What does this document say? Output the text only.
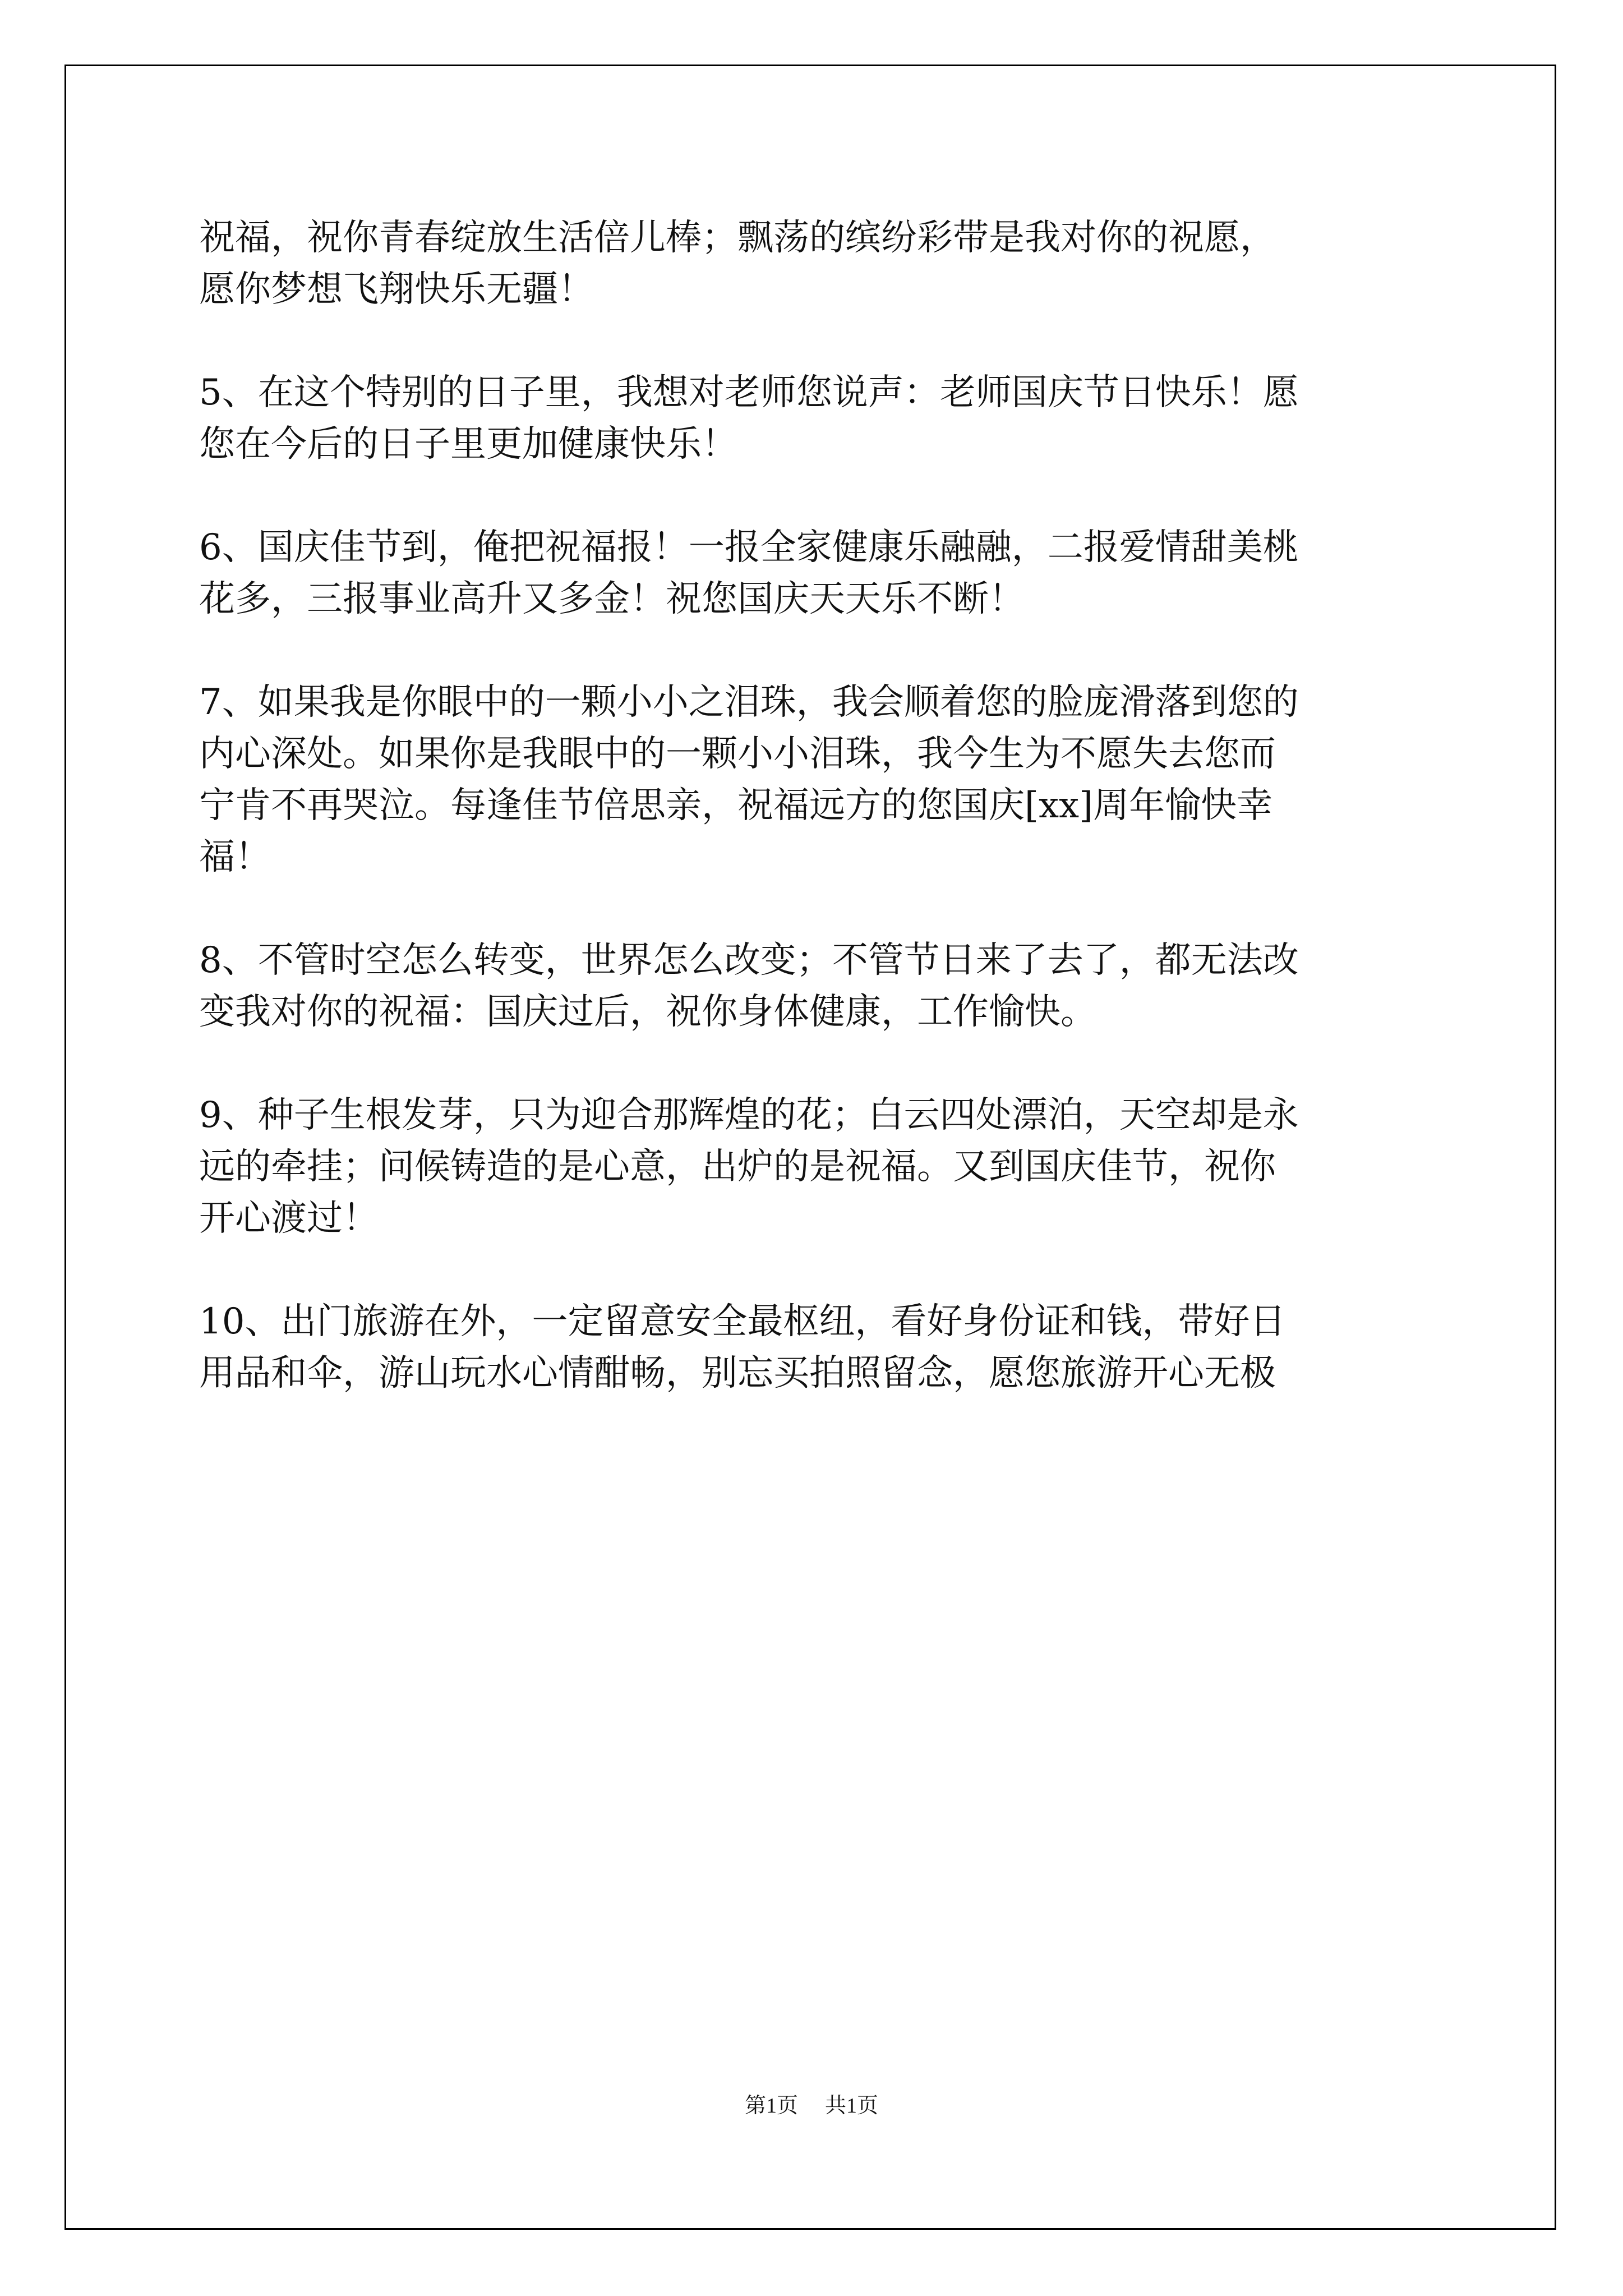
祝福，祝你青春绽放生活倍儿棒；飘荡的缤纷彩带是我对你的祝愿，

愿你梦想飞翔快乐无疆！

5、在这个特别的日子里，我想对老师您说声：老师国庆节日快乐！愿

您在今后的日子里更加健康快乐！

6、国庆佳节到，俺把祝福报！一报全家健康乐融融，二报爱情甜美桃

花多，三报事业高升又多金！祝您国庆天天乐不断！

7、如果我是你眼中的一颗小小之泪珠，我会顺着您的脸庞滑落到您的

内心深处。如果你是我眼中的一颗小小泪珠，我今生为不愿失去您而

宁肯不再哭泣。每逢佳节倍思亲，祝福远方的您国庆[xx]周年愉快幸

福！

8、不管时空怎么转变，世界怎么改变；不管节日来了去了，都无法改

变我对你的祝福：国庆过后，祝你身体健康，工作愉快。

9、种子生根发芽，只为迎合那辉煌的花；白云四处漂泊，天空却是永

远的牵挂；问候铸造的是心意，出炉的是祝福。又到国庆佳节，祝你

开心渡过！

10、出门旅游在外，一定留意安全最枢纽，看好身份证和钱，带好日

用品和伞，游山玩水心情酣畅，别忘买拍照留念，愿您旅游开心无极

第1页 共1页
